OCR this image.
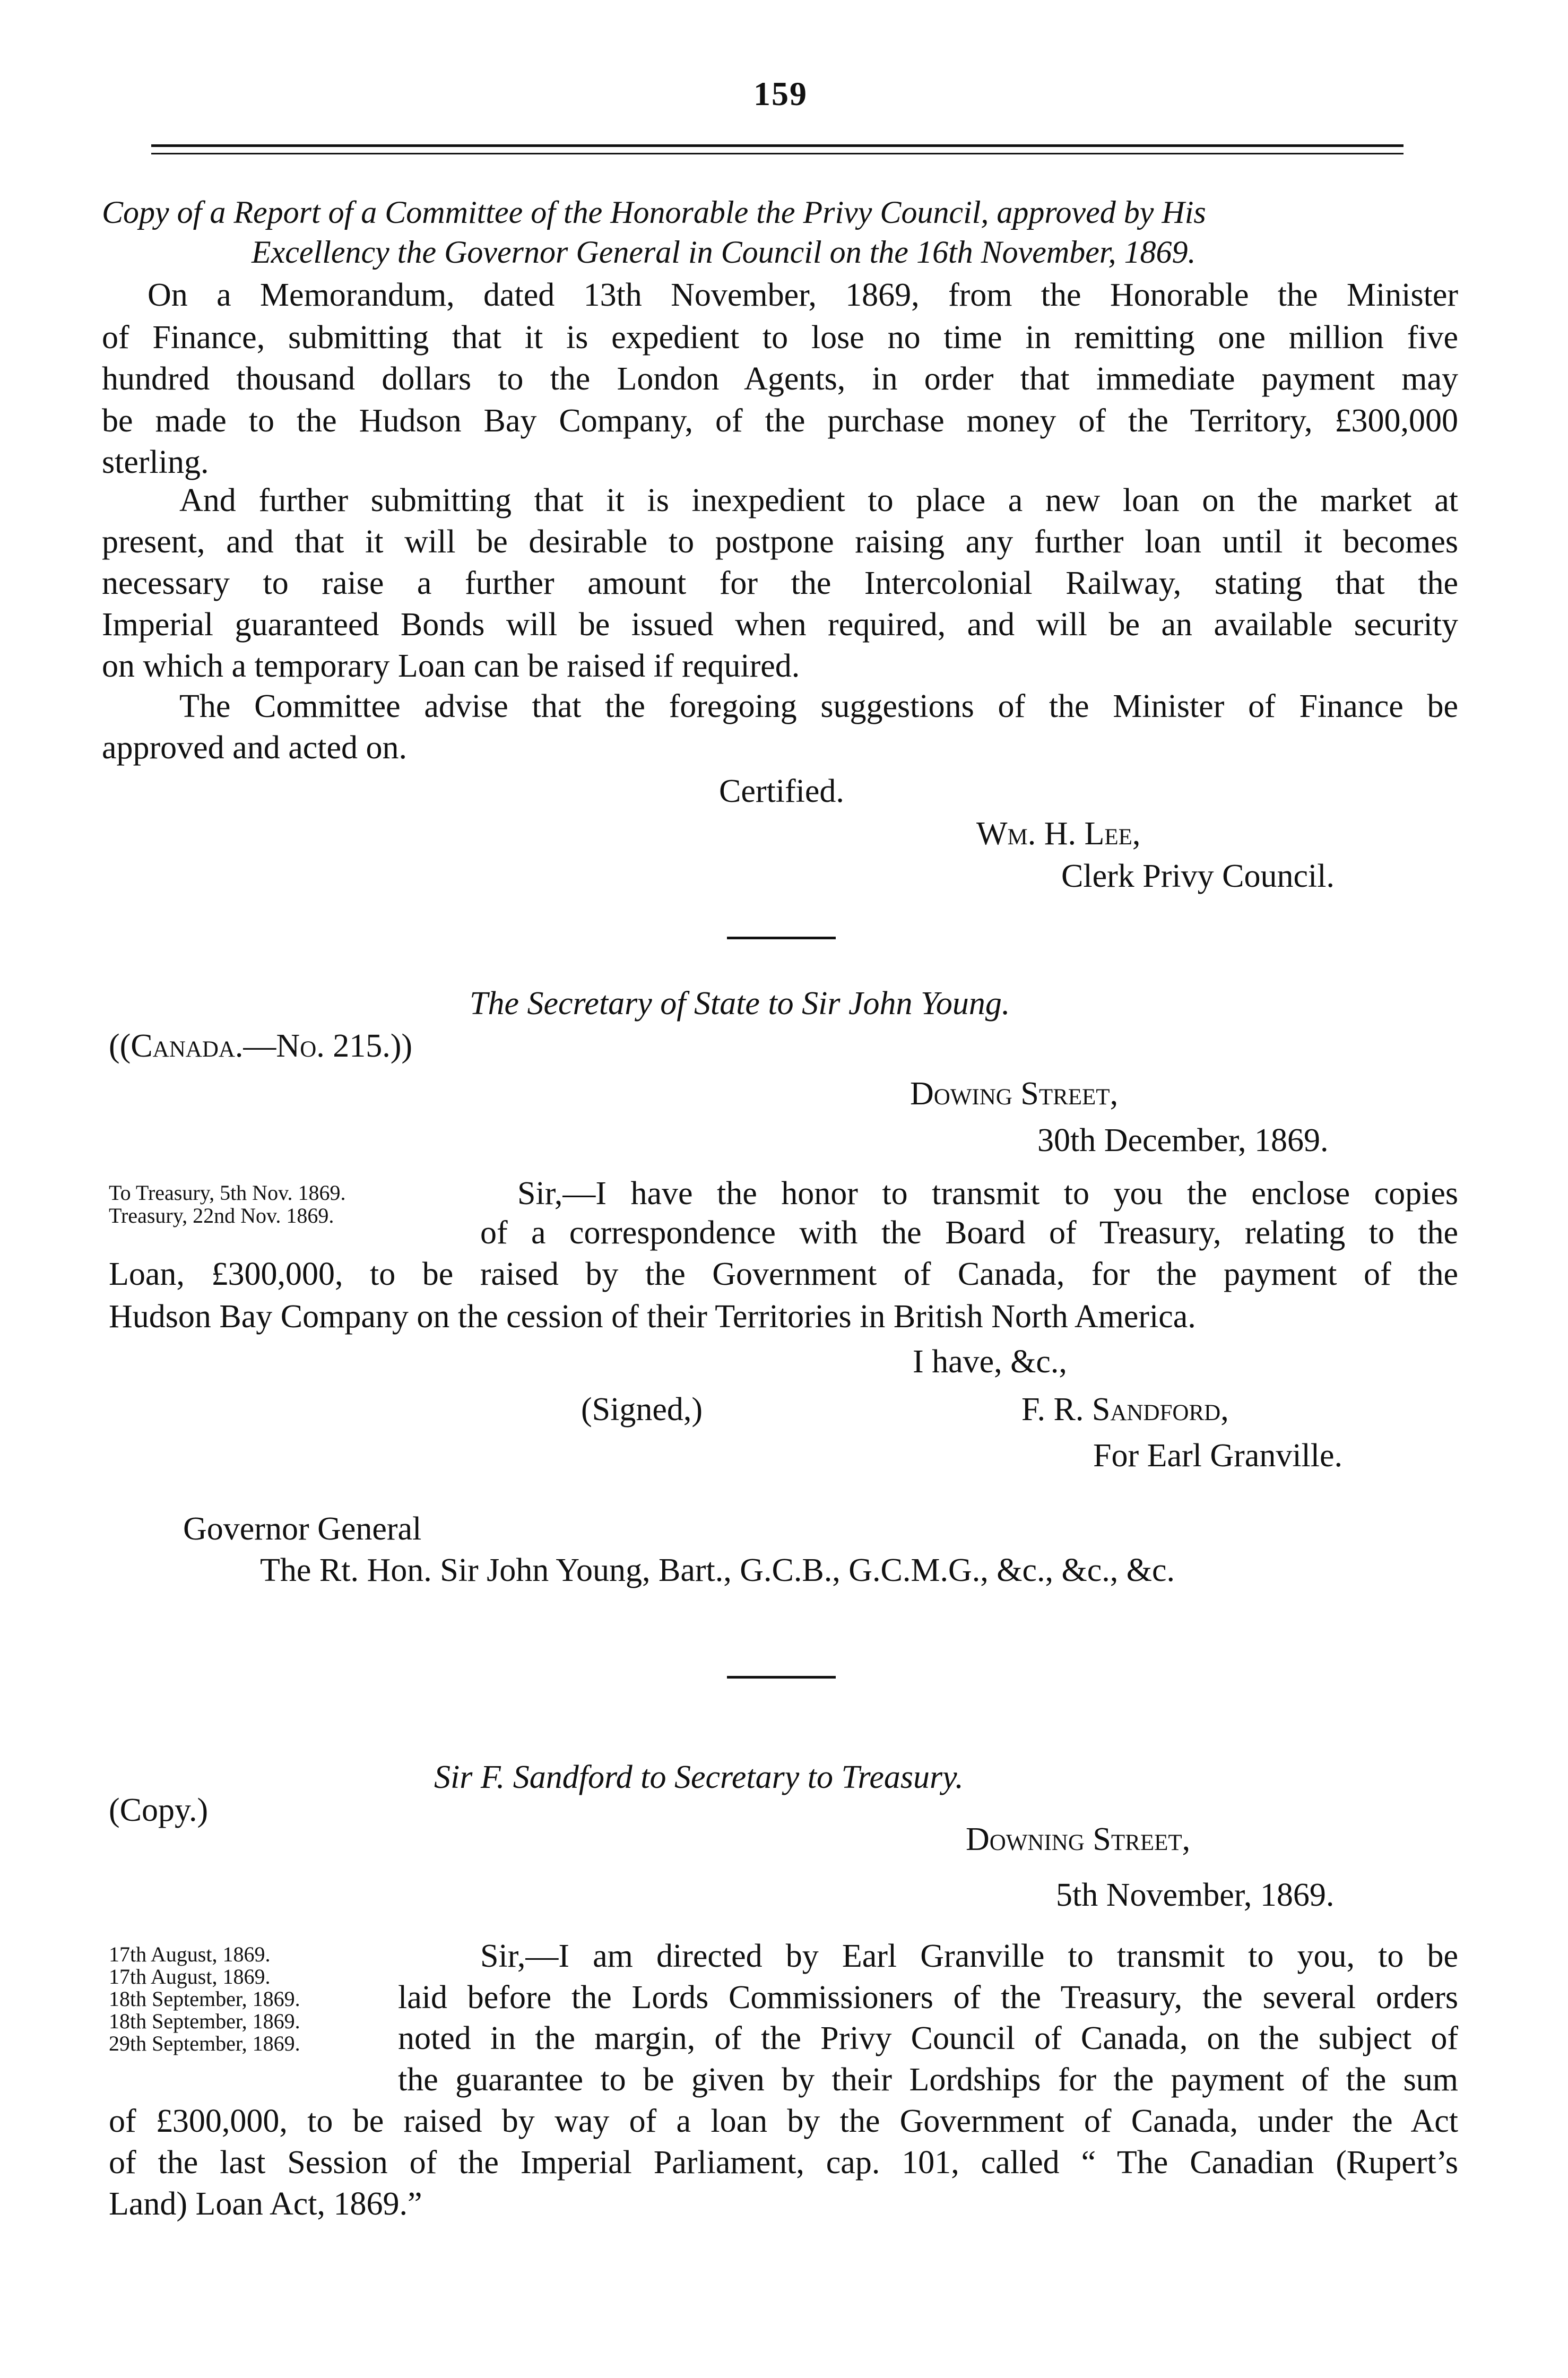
159
Copy of a Report of a Committee of the Honorable the Privy Council, approved by His
Excellency the Governor General in Council on the 16th November, 1869.
On a Memorandum, dated 13th November, 1869, from the Honorable the Minister
of Finance, submitting that it is expedient to lose no time in remitting one million five
hundred thousand dollars to the London Agents, in order that immediate payment may
be made to the Hudson Bay Company, of the purchase money of the Territory, £300,000
sterling.
And further submitting that it is inexpedient to place a new loan on the market at
present, and that it will be desirable to postpone raising any further loan until it becomes
necessary to raise a further amount for the Intercolonial Railway, stating that the
Imperial guaranteed Bonds will be issued when required, and will be an available security
on which a temporary Loan can be raised if required.
The Committee advise that the foregoing suggestions of the Minister of Finance be
approved and acted on.
Certified.
Wm. H. Lee,
Clerk Privy Council.
The Secretary of State to Sir John Young.
((Canada.—No. 215.))
Dowing Street,
30th December, 1869.
To Treasury, 5th Nov. 1869.
Treasury, 22nd Nov. 1869.
Sir,—I have the honor to transmit to you the enclose copies
of a correspondence with the Board of Treasury, relating to the
Loan, £300,000, to be raised by the Government of Canada, for the payment of the
Hudson Bay Company on the cession of their Territories in British North America.
I have, &c.,
(Signed,)	F. R. Sandford,
For Earl Granville.
Governor General
The Rt. Hon. Sir John Young, Bart., G.C.B., G.C.M.G., &c., &c., &c.
Sir F. Sandford to Secretary to Treasury.
(Copy.)
Downing Street,
5th November, 1869.
17th August, 1869.
17th August, 1869.
18th September, 1869.
18th September, 1869.
29th September, 1869.
Sir,—I am directed by Earl Granville to transmit to you, to be
laid before the Lords Commissioners of the Treasury, the several orders
noted in the margin, of the Privy Council of Canada, on the subject of
the guarantee to be given by their Lordships for the payment of the sum
of £300,000, to be raised by way of a loan by the Government of Canada, under the Act
of the last Session of the Imperial Parliament, cap. 101, called “ The Canadian (Rupert’s
Land) Loan Act, 1869.”
